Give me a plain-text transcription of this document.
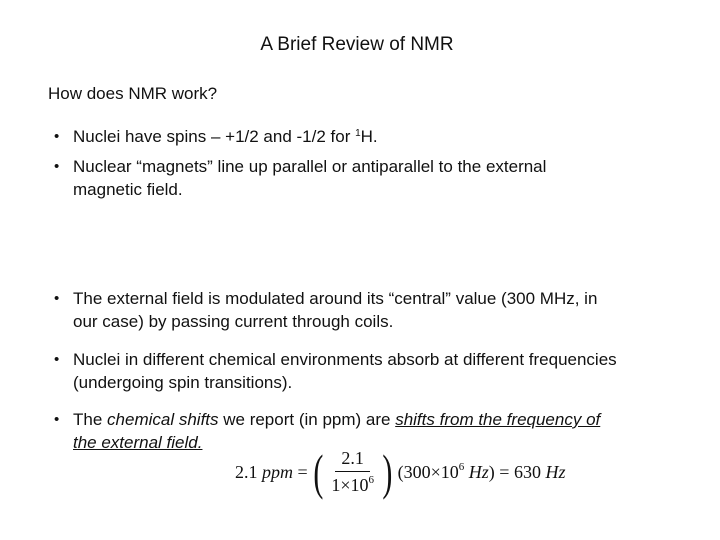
A Brief Review of NMR
How does NMR work?
• Nuclei have spins – +1/2 and -1/2 for $^1$H.
• Nuclear “magnets” line up parallel or antiparallel to the external
magnetic field.
• The external field is modulated around its “central” value (300 MHz, in
our case) by passing current through coils.
• Nuclei in different chemical environments absorb at different frequencies
(undergoing spin transitions).
• The chemical shifts we report (in ppm) are shifts from the frequency of
the external field.
2.1
ppm
= ( $\frac{2.1}{1\times 10^6}$ ) ($300\times 10^6$ Hz)
=
630
Hz
